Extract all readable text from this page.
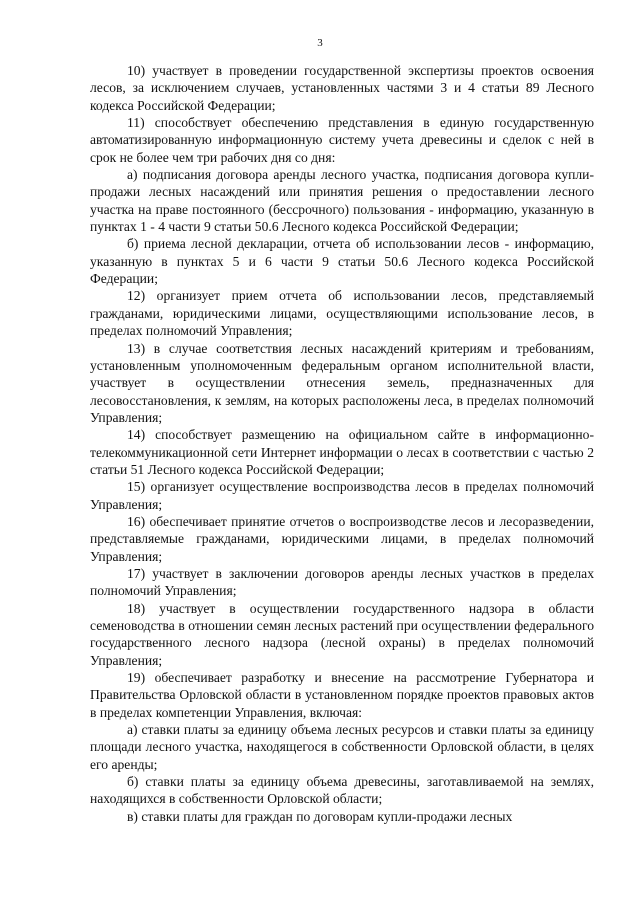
3

10) участвует в проведении государственной экспертизы проектов освоения лесов, за исключением случаев, установленных частями 3 и 4 статьи 89 Лесного кодекса Российской Федерации;

11) способствует обеспечению представления в единую государственную автоматизированную информационную систему учета древесины и сделок с ней в срок не более чем три рабочих дня со дня:

а) подписания договора аренды лесного участка, подписания договора купли-продажи лесных насаждений или принятия решения о предоставлении лесного участка на праве постоянного (бессрочного) пользования - информацию, указанную в пунктах 1 - 4 части 9 статьи 50.6 Лесного кодекса Российской Федерации;

б) приема лесной декларации, отчета об использовании лесов - информацию, указанную в пунктах 5 и 6 части 9 статьи 50.6 Лесного кодекса Российской Федерации;

12) организует прием отчета об использовании лесов, представляемый гражданами, юридическими лицами, осуществляющими использование лесов, в пределах полномочий Управления;

13) в случае соответствия лесных насаждений критериям и требованиям, установленным уполномоченным федеральным органом исполнительной власти, участвует в осуществлении отнесения земель, предназначенных для лесовосстановления, к землям, на которых расположены леса, в пределах полномочий Управления;

14) способствует размещению на официальном сайте в информационно-телекоммуникационной сети Интернет информации о лесах в соответствии с частью 2 статьи 51 Лесного кодекса Российской Федерации;

15) организует осуществление воспроизводства лесов в пределах полномочий Управления;

16) обеспечивает принятие отчетов о воспроизводстве лесов и лесоразведении, представляемые гражданами, юридическими лицами, в пределах полномочий Управления;

17) участвует в заключении договоров аренды лесных участков в пределах полномочий Управления;

18) участвует в осуществлении государственного надзора в области семеноводства в отношении семян лесных растений при осуществлении федерального государственного лесного надзора (лесной охраны) в пределах полномочий Управления;

19) обеспечивает разработку и внесение на рассмотрение Губернатора и Правительства Орловской области в установленном порядке проектов правовых актов в пределах компетенции Управления, включая:

а) ставки платы за единицу объема лесных ресурсов и ставки платы за единицу площади лесного участка, находящегося в собственности Орловской области, в целях его аренды;

б) ставки платы за единицу объема древесины, заготавливаемой на землях, находящихся в собственности Орловской области;

в) ставки платы для граждан по договорам купли-продажи лесных
